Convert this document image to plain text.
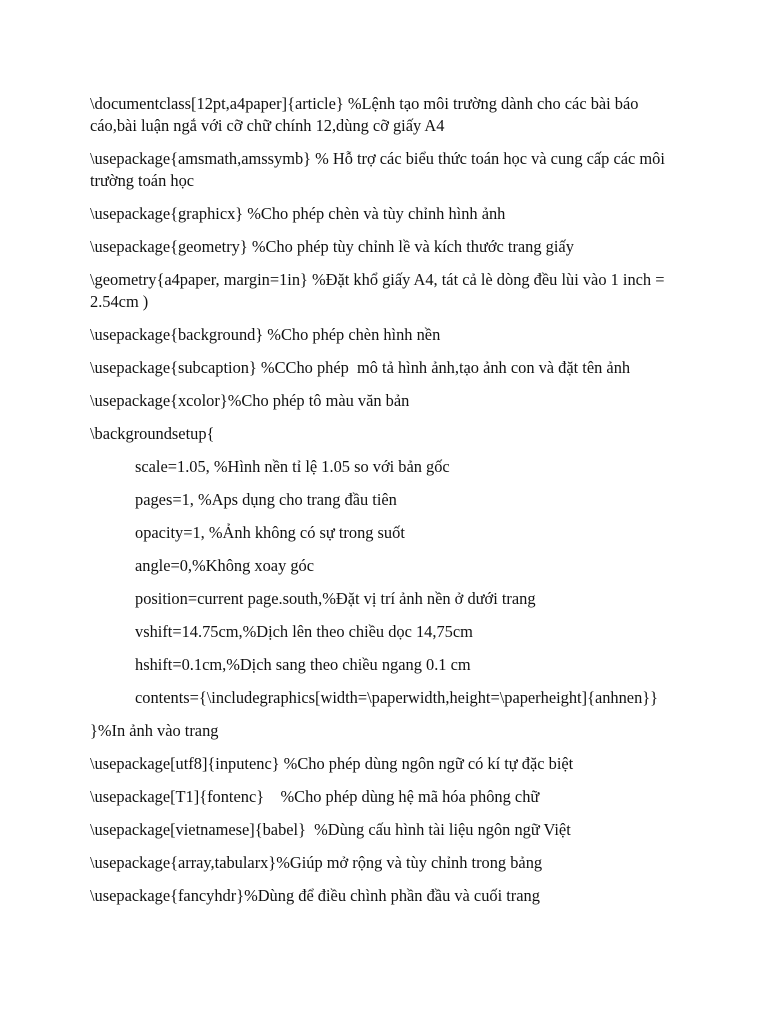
\documentclass[12pt,a4paper]{article} %Lệnh tạo môi trường dành cho các bài báo cáo,bài luận ngắ với cỡ chữ chính 12,dùng cỡ giấy A4

\usepackage{amsmath,amssymb} % Hỗ trợ các biểu thức toán học và cung cấp các môi trường toán học

\usepackage{graphicx} %Cho phép chèn và tùy chỉnh hình ảnh

\usepackage{geometry} %Cho phép tùy chỉnh lề và kích thước trang giấy

\geometry{a4paper, margin=1in} %Đặt khổ giấy A4, tát cả lè dòng đều lùi vào 1 inch = 2.54cm )

\usepackage{background} %Cho phép chèn hình nền

\usepackage{subcaption} %CCho phép  mô tả hình ảnh,tạo ảnh con và đặt tên ảnh

\usepackage{xcolor}%Cho phép tô màu văn bản

\backgroundsetup{

scale=1.05, %Hình nền tỉ lệ 1.05 so với bản gốc

pages=1, %Aps dụng cho trang đầu tiên

opacity=1, %Ảnh không có sự trong suốt

angle=0,%Không xoay góc

position=current page.south,%Đặt vị trí ảnh nền ở dưới trang

vshift=14.75cm,%Dịch lên theo chiều dọc 14,75cm

hshift=0.1cm,%Dịch sang theo chiều ngang 0.1 cm

contents={\includegraphics[width=\paperwidth,height=\paperheight]{anhnen}}

}%In ảnh vào trang

\usepackage[utf8]{inputenc} %Cho phép dùng ngôn ngữ có kí tự đặc biệt

\usepackage[T1]{fontenc}    %Cho phép dùng hệ mã hóa phông chữ

\usepackage[vietnamese]{babel}  %Dùng cấu hình tài liệu ngôn ngữ Việt

\usepackage{array,tabularx}%Giúp mở rộng và tùy chỉnh trong bảng

\usepackage{fancyhdr}%Dùng để điều chình phần đầu và cuối trang
